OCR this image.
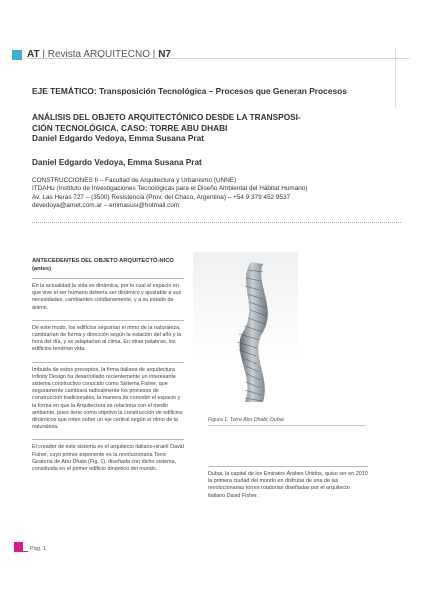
AT | Revista ARQUITECNO | N7
EJE TEMÁTICO: Transposición Tecnológica – Procesos que Generan Procesos
ANÁLISIS DEL OBJETO ARQUITECTÓNICO DESDE LA TRANSPOSI-
CIÓN TECNOLÓGICA. CASO: TORRE ABU DHABI
Daniel Edgardo Vedoya, Emma Susana Prat
Daniel Edgardo Vedoya, Emma Susana Prat
CONSTRUCCIONES II – Facultad de Arquitectura y Urbanismo (UNNE)
ITDAHu (Instituto de Investigaciones Tecnológicas para el Diseño Ambiental del Hábitat Humano)
Av. Las Heras 727 – (3500) Resistencia (Prov. del Chaco, Argentina) – +54 9 379 452 9537
devedoya@arnet.com.ar – emmasusi@hotmail.com
ANTECEDENTES DEL OBJETO ARQUITECTÓ-NICO (antes)

En la actualidad la vida es dinámica, por lo cual el espacio en que vive el ser humano debería ser dinámico y ajustable a sus necesidades, cambiantes cotidianamente, y a su estado de ánimo.

De este modo, los edificios seguirían el ritmo de la naturaleza, cambiarían de forma y dirección según la estación del año y la hora del día, y se adaptarían al clima. En otras palabras, los edificios tendrían vida.

Imbuida de estos preceptos, la firma italiana de arquitectura Infinity Design ha desarrollado recientemente un interesante sistema constructivo conocido como Sistema Fisher, que seguramente cambiará radicalmente los procesos de construcción tradicionales, la manera de concebir el espacio y la forma en que la Arquitectura se relaciona con el medio ambiente, pues tiene como objetivo la construcción de edificios dinámicos que roten sobre un eje central según el ritmo de la naturaleza.

El creador de este sistema es el arquitecto italiano-israelí David Fisher, cuyo primer exponente es la revolucionaria Torre Giratoria de Abu Dhabi (Fig. 1), diseñada con dicho sistema, constituida en el primer edificio dinámico del mundo.

Figura 1: Torre Abu Dhabi, Dubai
Dubai, la capital de los Emiratos Árabes Unidos, quiso ser en 2010 la primera ciudad del mundo en disfrutar de una de las revolucionarias torres rotatorias diseñadas por el arquitecto italiano David Fisher.
Pág. 1
